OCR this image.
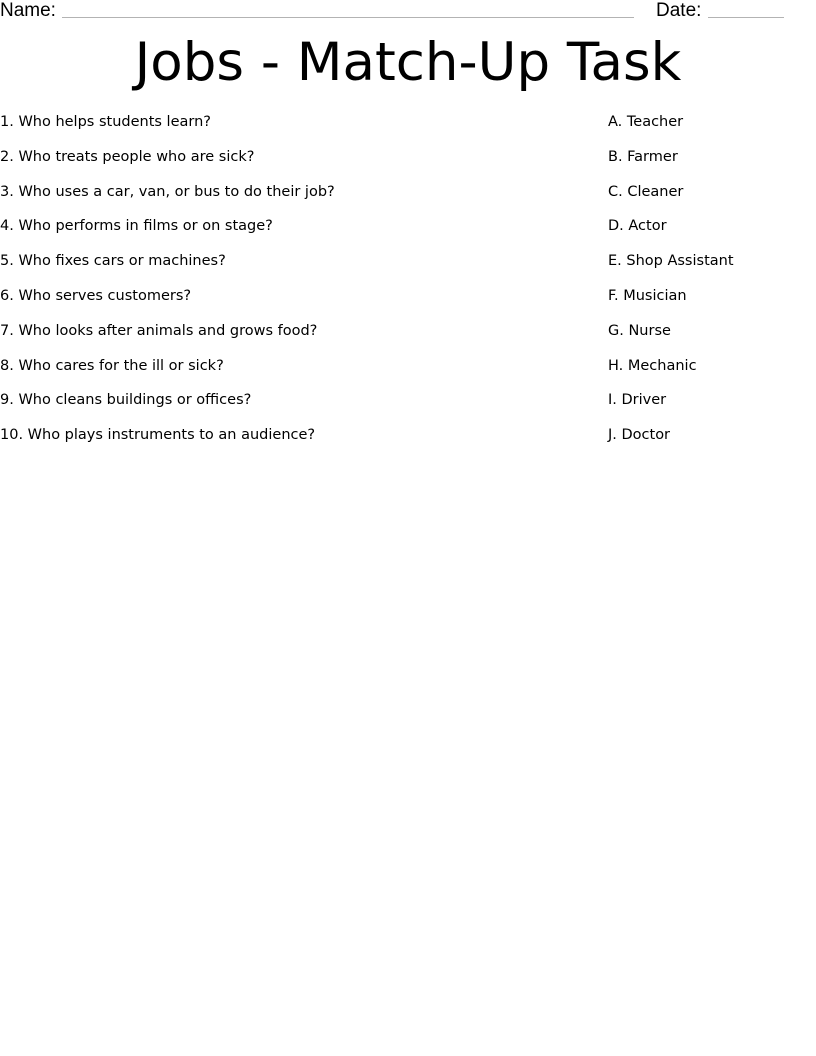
Name:	Date:
Jobs - Match-Up Task
1. Who helps students learn?
2. Who treats people who are sick?
3. Who uses a car, van, or bus to do their job?
4. Who performs in films or on stage?
5. Who fixes cars or machines?
6. Who serves customers?
7. Who looks after animals and grows food?
8. Who cares for the ill or sick?
9. Who cleans buildings or offices?
10. Who plays instruments to an audience?
A. Teacher
B. Farmer
C. Cleaner
D. Actor
E. Shop Assistant
F. Musician
G. Nurse
H. Mechanic
I. Driver
J. Doctor
